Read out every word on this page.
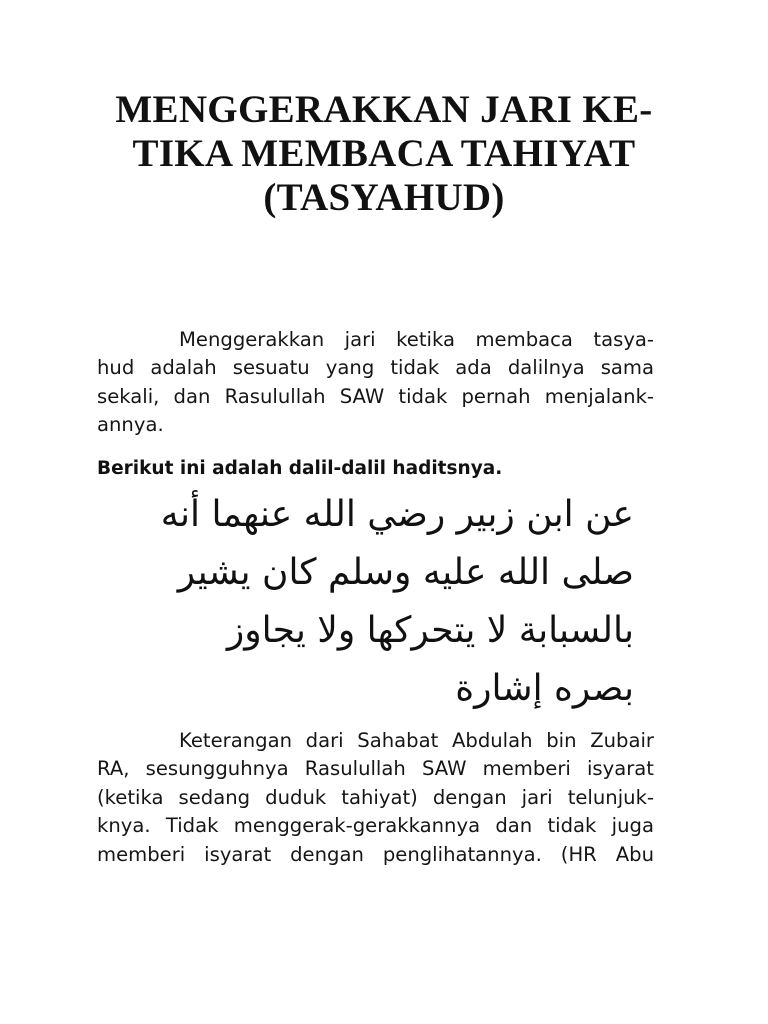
MENGGERAKKAN JARI KE-
TIKA MEMBACA TAHIYAT
(TASYAHUD)

Menggerakkan jari ketika membaca tasya-
hud adalah sesuatu yang tidak ada dalilnya sama
sekali, dan Rasulullah SAW tidak pernah menjalank-
annya.

Berikut ini adalah dalil-dalil haditsnya.

عن ابن زبير رضي الله عنهما أنه
صلى الله عليه وسلم كان يشير
بالسبابة لا يتحركها ولا يجاوز
بصره إشارة

Keterangan dari Sahabat Abdulah bin Zubair
RA, sesungguhnya Rasulullah SAW memberi isyarat
(ketika sedang duduk tahiyat) dengan jari telunjuk-
knya. Tidak menggerak-gerakkannya dan tidak juga
memberi isyarat dengan penglihatannya. (HR Abu
